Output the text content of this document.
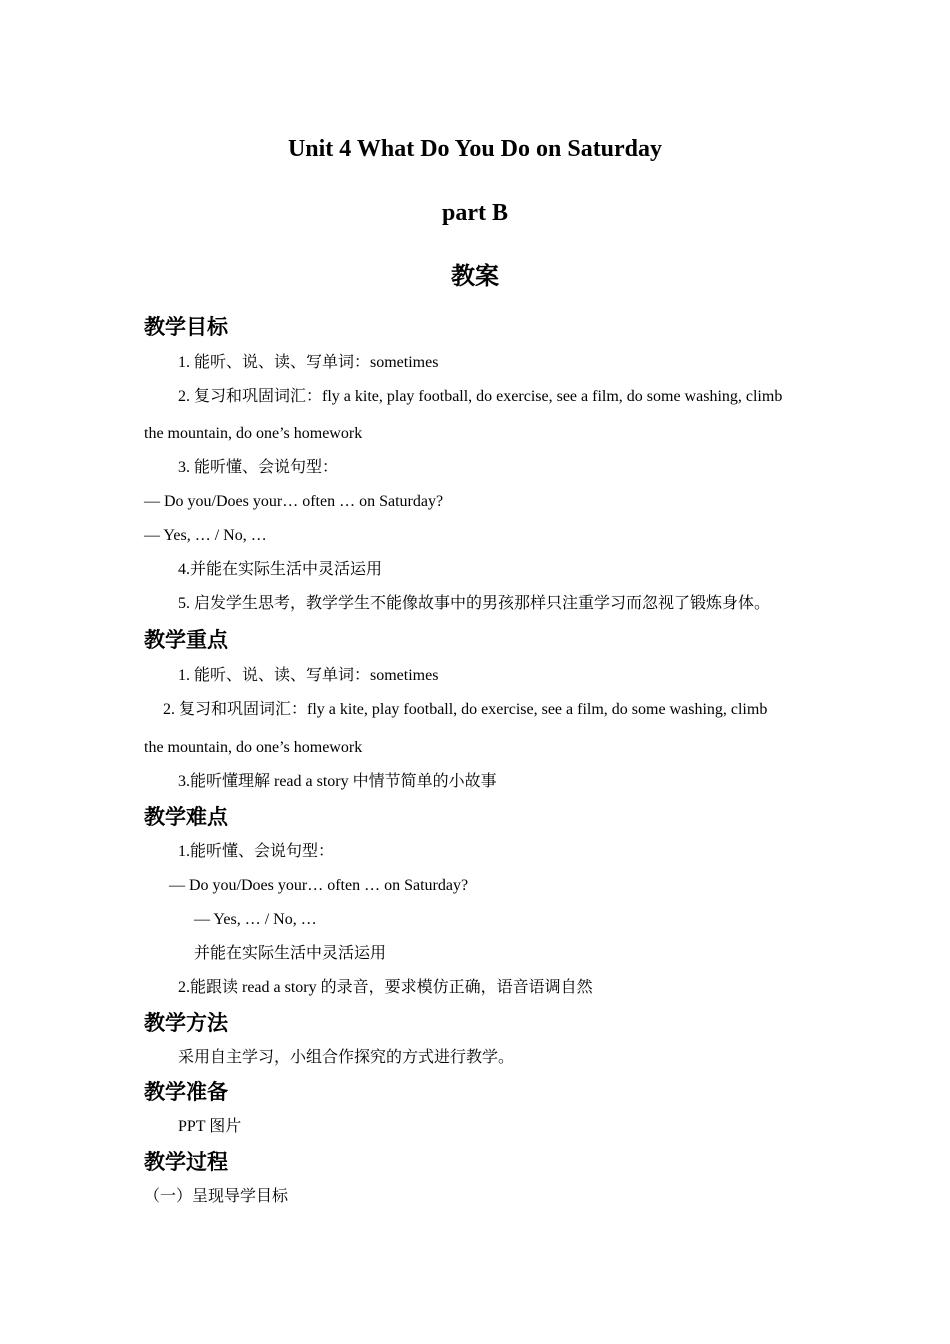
Unit 4 What Do You Do on Saturday
part B
教案
教学目标

1. 能听、说、读、写单词：sometimes

2. 复习和巩固词汇：fly a kite, play football, do exercise, see a film, do some washing, climb

the mountain, do one’s homework

3. 能听懂、会说句型：

— Do you/Does your… often … on Saturday?

— Yes, … / No, …

4.并能在实际生活中灵活运用

5. 启发学生思考，教学学生不能像故事中的男孩那样只注重学习而忽视了锻炼身体。

教学重点

1. 能听、说、读、写单词：sometimes

2. 复习和巩固词汇：fly a kite, play football, do exercise, see a film, do some washing, climb

the mountain, do one’s homework

3.能听懂理解 read a story 中情节简单的小故事

教学难点

1.能听懂、会说句型：

— Do you/Does your… often … on Saturday?

— Yes, … / No, …

并能在实际生活中灵活运用

2.能跟读 read a story 的录音，要求模仿正确，语音语调自然

教学方法

采用自主学习，小组合作探究的方式进行教学。

教学准备

PPT 图片

教学过程

（一）呈现导学目标
